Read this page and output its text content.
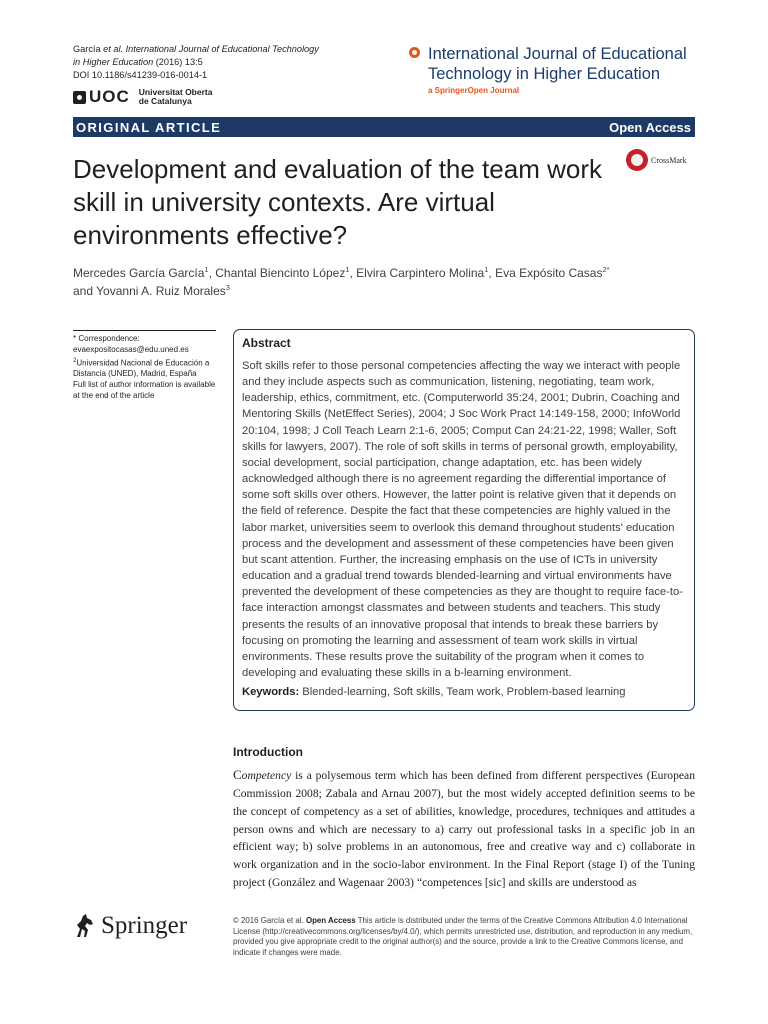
García et al. International Journal of Educational Technology
in Higher Education (2016) 13:5
DOI 10.1186/s41239-016-0014-1
UOC Universitat Oberta
de Catalunya
International Journal of Educational
Technology in Higher Education
a SpringerOpen Journal
ORIGINAL ARTICLE	Open Access
Development and evaluation of the team work skill in university contexts. Are virtual environments effective?
CrossMark
Mercedes García García$^1$, Chantal Biencinto López$^1$, Elvira Carpintero Molina$^1$, Eva Expósito Casas$^{2*}$
and Yovanni A. Ruiz Morales$^3$
* Correspondence:
evaexpositocasas@edu.uned.es
$^2$Universidad Nacional de Educación a Distancia (UNED), Madrid, España
Full list of author information is available at the end of the article
Abstract
Soft skills refer to those personal competencies affecting the way we interact with people and they include aspects such as communication, listening, negotiating, team work, leadership, ethics, commitment, etc. (Computerworld 35:24, 2001; Dubrin, Coaching and Mentoring Skills (NetEffect Series), 2004; J Soc Work Pract 14:149-158, 2000; InfoWorld 20:104, 1998; J Coll Teach Learn 2:1-6, 2005; Comput Can 24:21-22, 1998; Waller, Soft skills for lawyers, 2007). The role of soft skills in terms of personal growth, employability, social development, social participation, change adaptation, etc. has been widely acknowledged although there is no agreement regarding the differential importance of some soft skills over others. However, the latter point is relative given that it depends on the field of reference. Despite the fact that these competencies are highly valued in the labor market, universities seem to overlook this demand throughout students' education process and the development and assessment of these competencies have been given but scant attention. Further, the increasing emphasis on the use of ICTs in university education and a gradual trend towards blended-learning and virtual environments have prevented the development of these competencies as they are thought to require face-to-face interaction amongst classmates and between students and teachers. This study presents the results of an innovative proposal that intends to break these barriers by focusing on promoting the learning and assessment of team work skills in virtual environments. These results prove the suitability of the program when it comes to developing and evaluating these skills in a b-learning environment.
Keywords: Blended-learning, Soft skills, Team work, Problem-based learning
Introduction
Competency is a polysemous term which has been defined from different perspectives (European Commission 2008; Zabala and Arnau 2007), but the most widely accepted definition seems to be the concept of competency as a set of abilities, knowledge, procedures, techniques and attitudes a person owns and which are necessary to a) carry out professional tasks in a specific job in an efficient way; b) solve problems in an autonomous, free and creative way and c) collaborate in work organization and in the socio-labor environment. In the Final Report (stage I) of the Tuning project (González and Wagenaar 2003) “competences [sic] and skills are understood as
Springer	© 2016 García et al. Open Access This article is distributed under the terms of the Creative Commons Attribution 4.0 International License (http://creativecommons.org/licenses/by/4.0/), which permits unrestricted use, distribution, and reproduction in any medium, provided you give appropriate credit to the original author(s) and the source, provide a link to the Creative Commons license, and indicate if changes were made.
